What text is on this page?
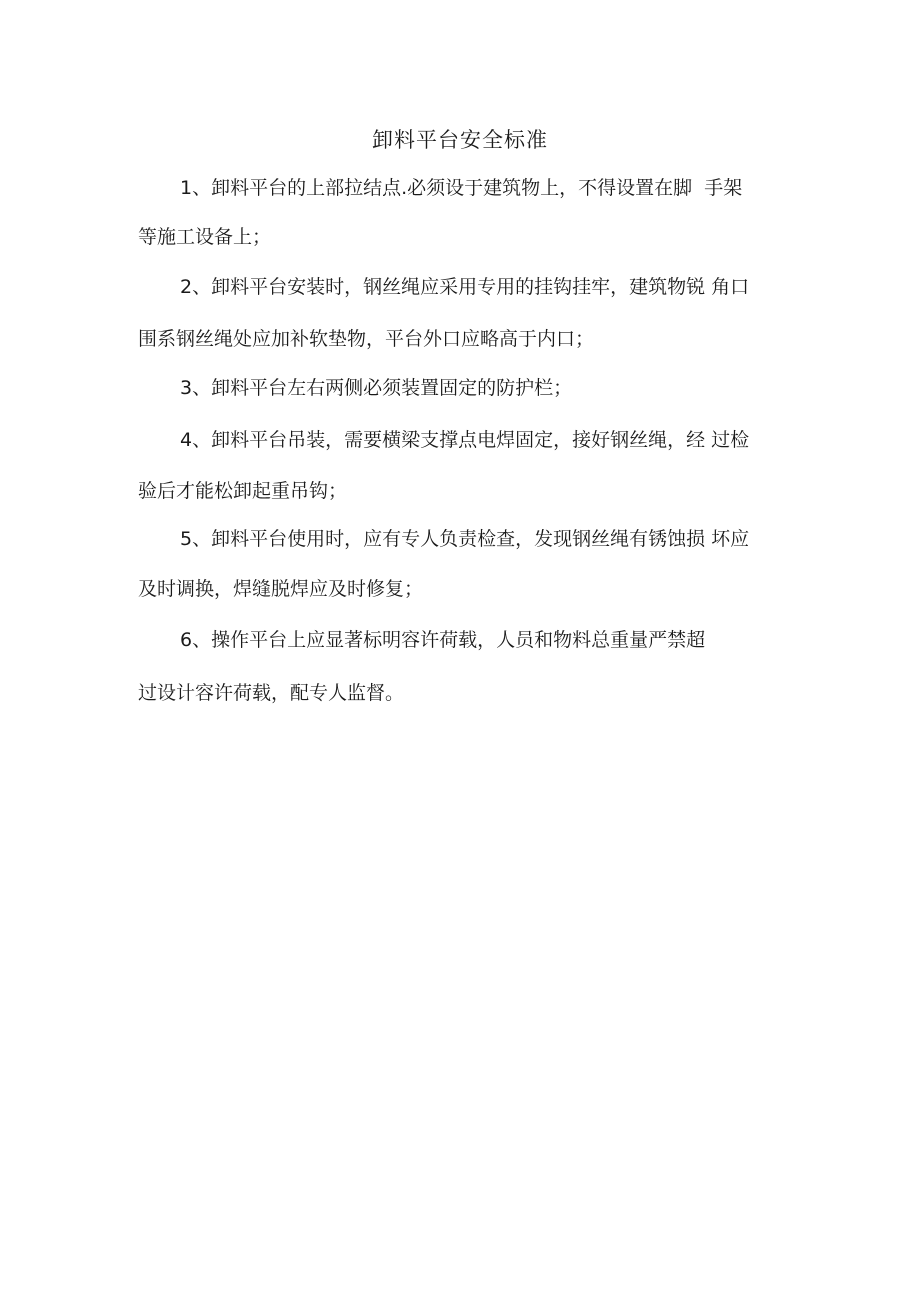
卸料平台安全标准
1、卸料平台的上部拉结点.必须设于建筑物上，不得设置在脚  手架
等施工设备上；
2、卸料平台安装时，钢丝绳应采用专用的挂钩挂牢，建筑物锐 角口
围系钢丝绳处应加补软垫物，平台外口应略高于内口；
3、卸料平台左右两侧必须装置固定的防护栏；
4、卸料平台吊装，需要横梁支撑点电焊固定，接好钢丝绳，经 过检
验后才能松卸起重吊钩；
5、卸料平台使用时，应有专人负责检查，发现钢丝绳有锈蚀损 坏应
及时调换，焊缝脱焊应及时修复；
6、操作平台上应显著标明容许荷载，人员和物料总重量严禁超
过设计容许荷载，配专人监督。
